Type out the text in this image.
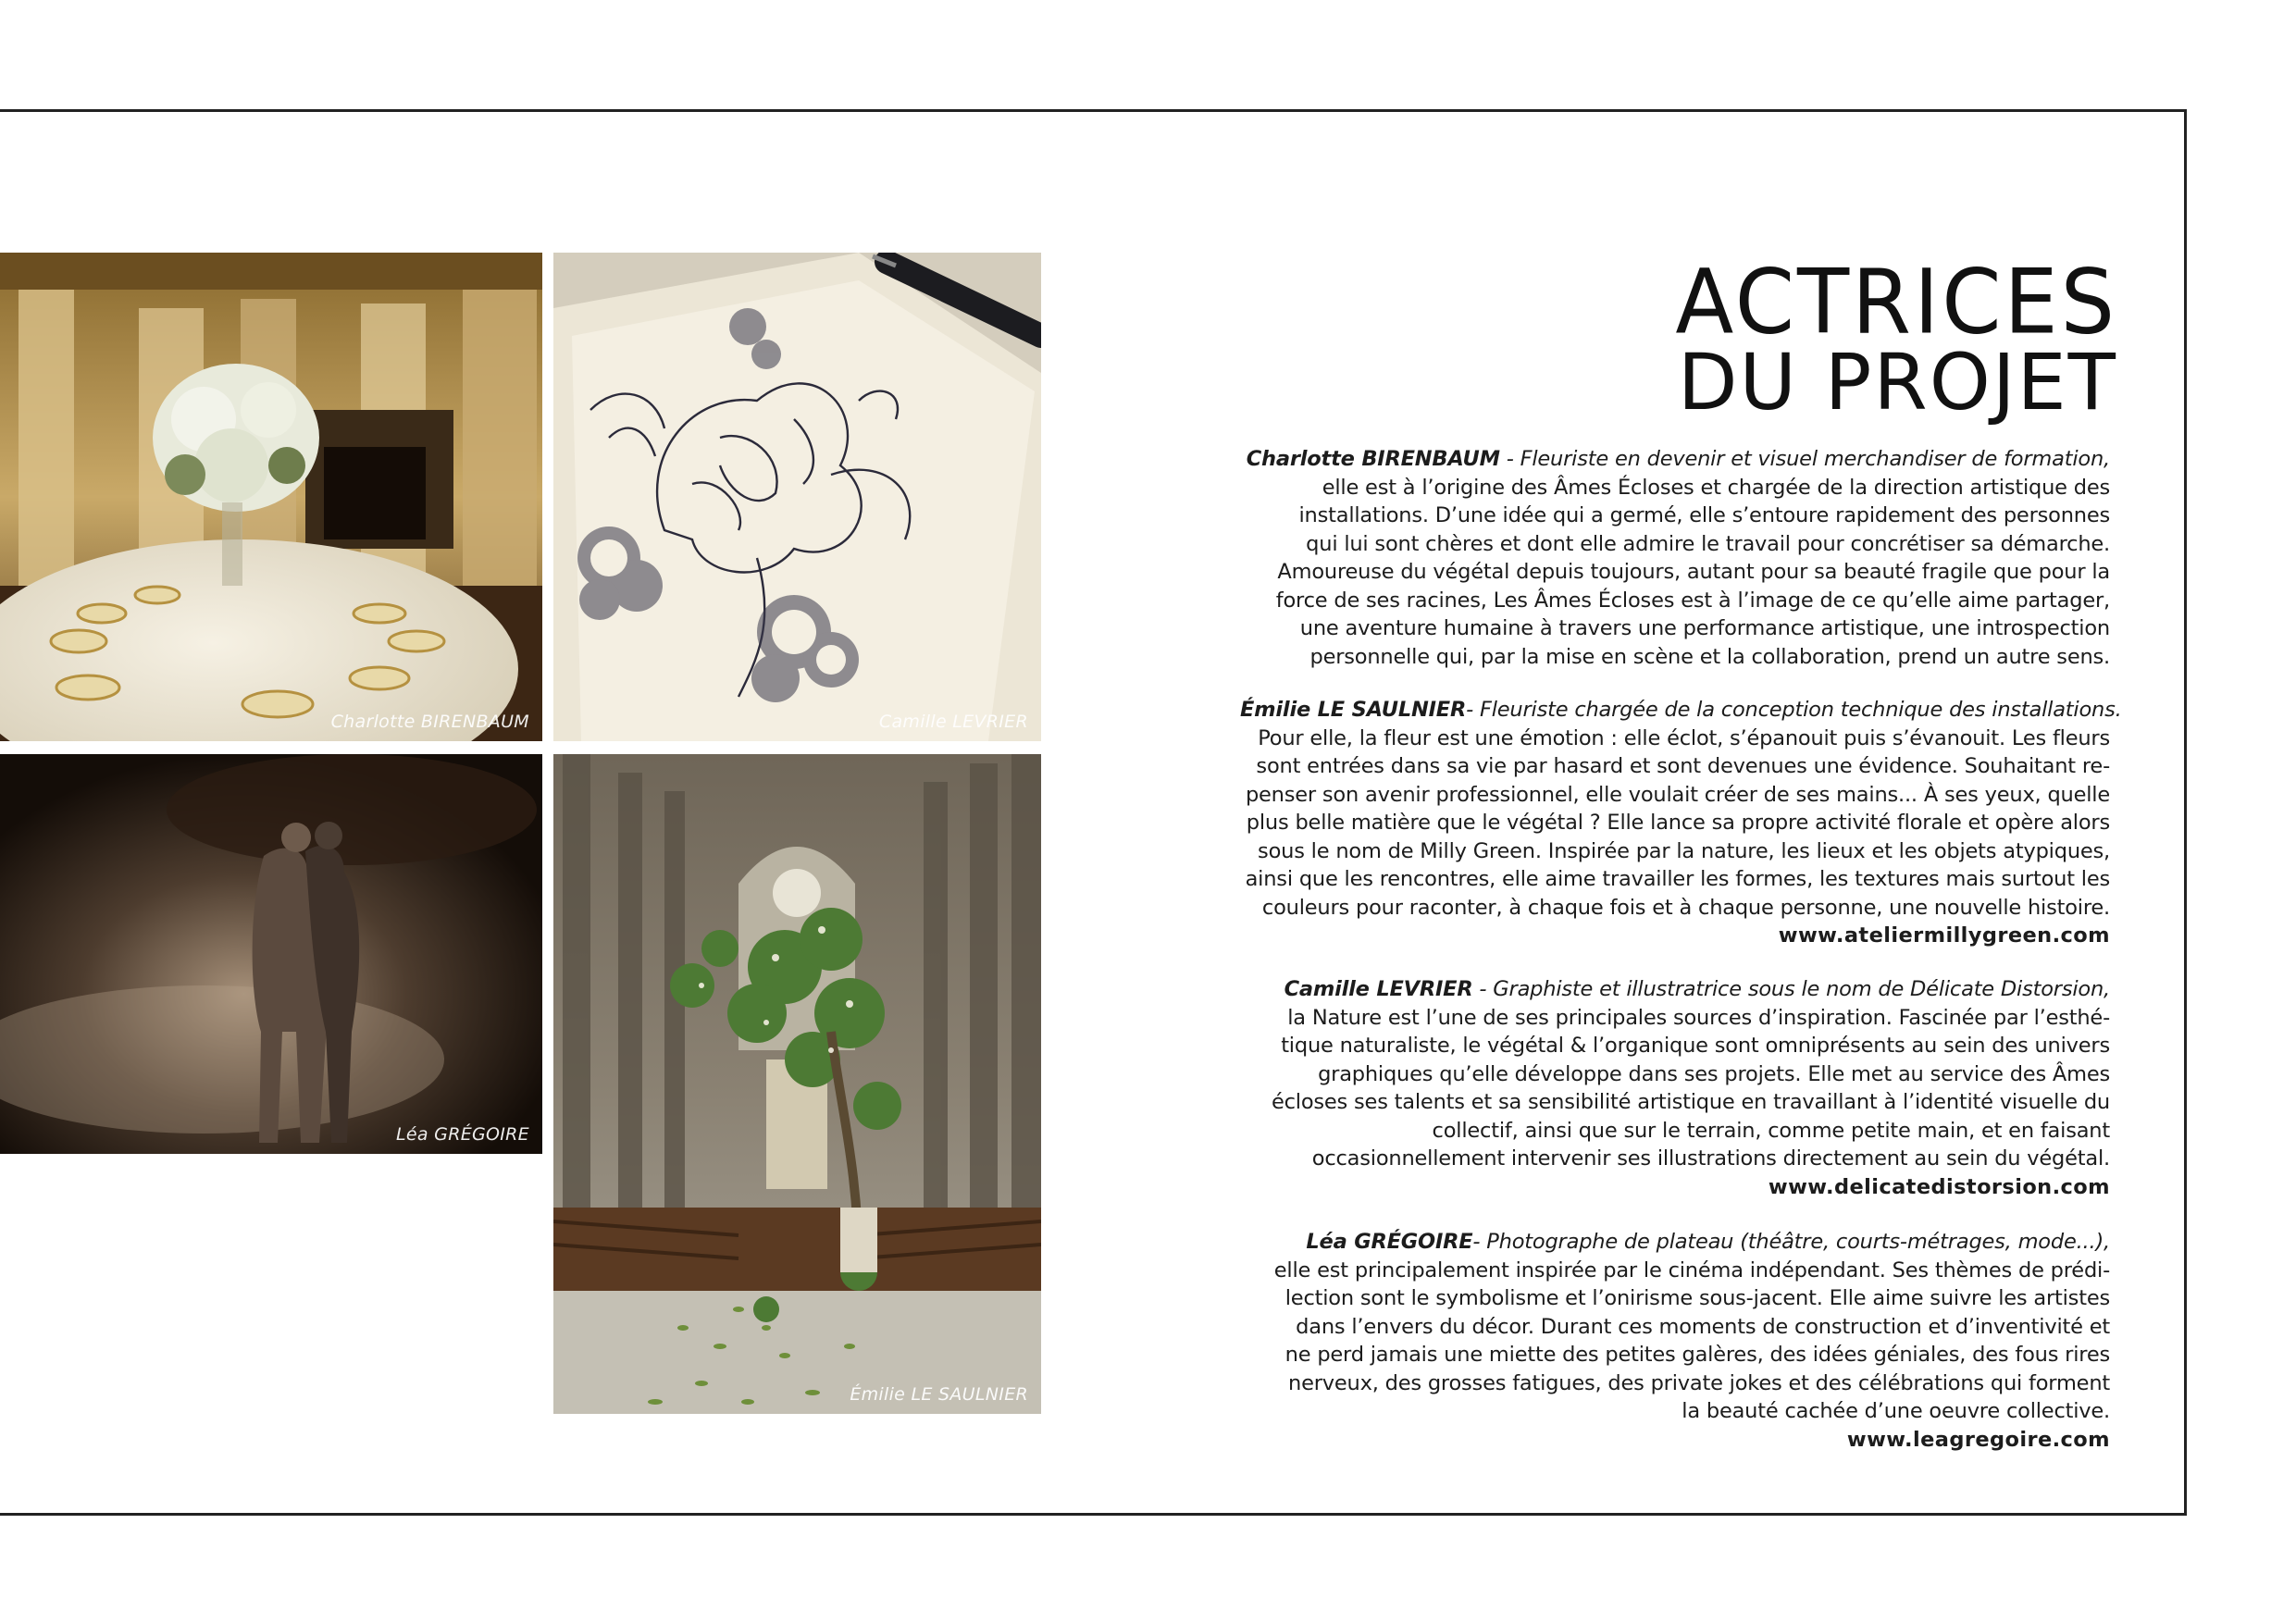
Charlotte BIRENBAUM	Camille LEVRIER
Léa GRÉGOIRE
Émilie LE SAULNIER
ACTRICES
DU PROJET

Charlotte BIRENBAUM - Fleuriste en devenir et visuel merchandiser de formation,
elle est à l’origine des Âmes Écloses et chargée de la direction artistique des
installations. D’une idée qui a germé, elle s’entoure rapidement des personnes
qui lui sont chères et dont elle admire le travail pour concrétiser sa démarche.
Amoureuse du végétal depuis toujours, autant pour sa beauté fragile que pour la
force de ses racines, Les Âmes Écloses est à l’image de ce qu’elle aime partager,
une aventure humaine à travers une performance artistique, une introspection
personnelle qui, par la mise en scène et la collaboration, prend un autre sens.

Émilie LE SAULNIER- Fleuriste chargée de la conception technique des installations.
Pour elle, la fleur est une émotion : elle éclot, s’épanouit puis s’évanouit. Les fleurs
sont entrées dans sa vie par hasard et sont devenues une évidence. Souhaitant re-
penser son avenir professionnel, elle voulait créer de ses mains... À ses yeux, quelle
plus belle matière que le végétal ? Elle lance sa propre activité florale et opère alors
sous le nom de Milly Green. Inspirée par la nature, les lieux et les objets atypiques,
ainsi que les rencontres, elle aime travailler les formes, les textures mais surtout les
couleurs pour raconter, à chaque fois et à chaque personne, une nouvelle histoire.
www.ateliermillygreen.com

Camille LEVRIER - Graphiste et illustratrice sous le nom de Délicate Distorsion,
la Nature est l’une de ses principales sources d’inspiration. Fascinée par l’esthé-
tique naturaliste, le végétal & l’organique sont omniprésents au sein des univers
graphiques qu’elle développe dans ses projets. Elle met au service des Âmes
écloses ses talents et sa sensibilité artistique en travaillant à l’identité visuelle du
collectif, ainsi que sur le terrain, comme petite main, et en faisant
occasionnellement intervenir ses illustrations directement au sein du végétal.
www.delicatedistorsion.com

Léa GRÉGOIRE- Photographe de plateau (théâtre, courts-métrages, mode...),
elle est principalement inspirée par le cinéma indépendant. Ses thèmes de prédi-
lection sont le symbolisme et l’onirisme sous-jacent. Elle aime suivre les artistes
dans l’envers du décor. Durant ces moments de construction et d’inventivité et
ne perd jamais une miette des petites galères, des idées géniales, des fous rires
nerveux, des grosses fatigues, des private jokes et des célébrations qui forment
la beauté cachée d’une oeuvre collective.
www.leagregoire.com
